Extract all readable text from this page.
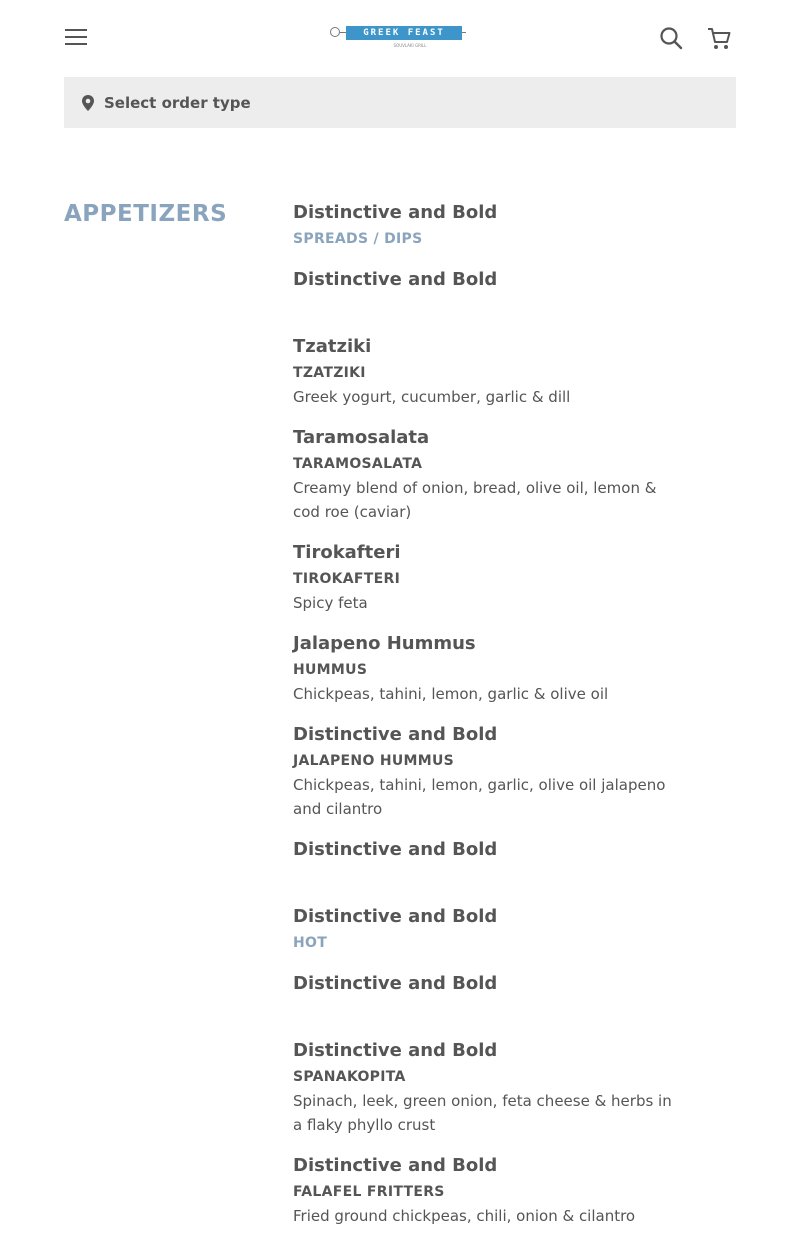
GREEK FEAST
SOUVLAKI GRILL
Select order type
APPETIZERS	Distinctive and Bold
SPREADS / DIPS
Distinctive and Bold
Tzatziki
TZATZIKI
Greek yogurt, cucumber, garlic & dill
Taramosalata
TARAMOSALATA
Creamy blend of onion, bread, olive oil, lemon & cod roe (caviar)
Tirokafteri
TIROKAFTERI
Spicy feta
Jalapeno Hummus
HUMMUS
Chickpeas, tahini, lemon, garlic & olive oil
Distinctive and Bold
JALAPENO HUMMUS
Chickpeas, tahini, lemon, garlic, olive oil jalapeno and cilantro
Distinctive and Bold
Distinctive and Bold
HOT
Distinctive and Bold
Distinctive and Bold
SPANAKOPITA
Spinach, leek, green onion, feta cheese & herbs in a flaky phyllo crust
Distinctive and Bold
FALAFEL FRITTERS
Fried ground chickpeas, chili, onion & cilantro
